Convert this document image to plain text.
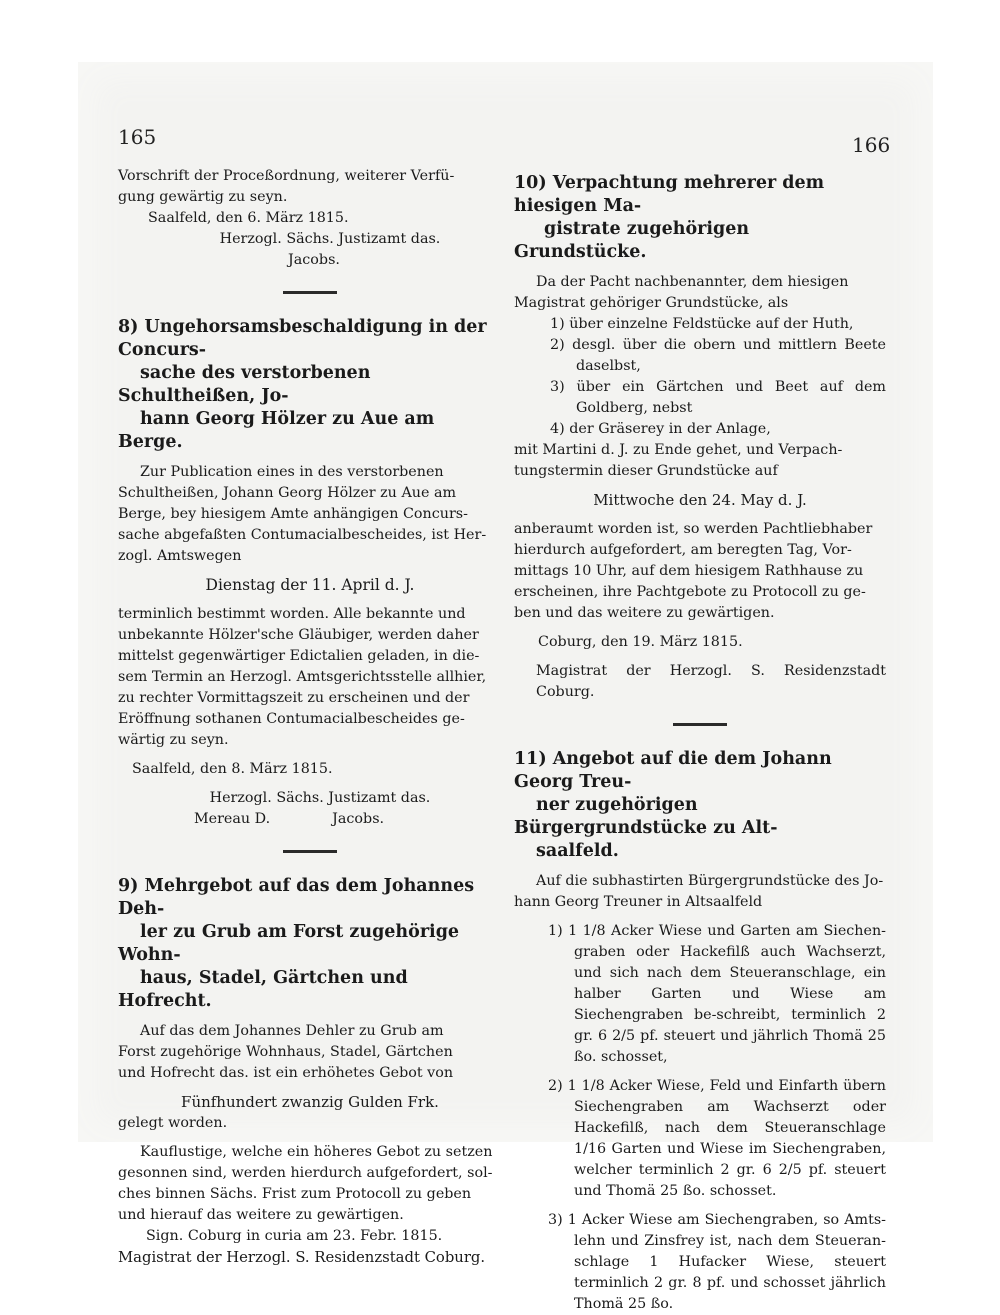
165	166

Vorschrift der Proceßordnung, weiterer Verfü-
gung gewärtig zu seyn.

Saalfeld, den 6. März 1815.

Herzogl. Sächs. Justizamt das.

Jacobs.

8) Ungehorsamsbeschaldigung in der Concurs-
sache des verstorbenen Schultheißen, Jo-
hann Georg Hölzer zu Aue am Berge.

Zur Publication eines in des verstorbenen
Schultheißen, Johann Georg Hölzer zu Aue am
Berge, bey hiesigem Amte anhängigen Concurs-
sache abgefaßten Contumacialbescheides, ist Her-
zogl. Amtswegen

Dienstag der 11. April d. J.

terminlich bestimmt worden. Alle bekannte und
unbekannte Hölzer'sche Gläubiger, werden daher
mittelst gegenwärtiger Edictalien geladen, in die-
sem Termin an Herzogl. Amtsgerichtsstelle allhier,
zu rechter Vormittagszeit zu erscheinen und der
Eröffnung sothanen Contumacialbescheides ge-
wärtig zu seyn.

Saalfeld, den 8. März 1815.

Herzogl. Sächs. Justizamt das.

Mereau D.	Jacobs.

9) Mehrgebot auf das dem Johannes Deh-
ler zu Grub am Forst zugehörige Wohn-
haus, Stadel, Gärtchen und Hofrecht.

Auf das dem Johannes Dehler zu Grub am
Forst zugehörige Wohnhaus, Stadel, Gärtchen
und Hofrecht das. ist ein erhöhetes Gebot von

Fünfhundert zwanzig Gulden Frk.

gelegt worden.

Kauflustige, welche ein höheres Gebot zu setzen
gesonnen sind, werden hierdurch aufgefordert, sol-
ches binnen Sächs. Frist zum Protocoll zu geben
und hierauf das weitere zu gewärtigen.

Sign. Coburg in curia am 23. Febr. 1815.

Magistrat der Herzogl. S. Residenzstadt Coburg.

10) Verpachtung mehrerer dem hiesigen Ma-
gistrate zugehörigen Grundstücke.

Da der Pacht nachbenannter, dem hiesigen
Magistrat gehöriger Grundstücke, als

1) über einzelne Feldstücke auf der Huth,

2) desgl. über die obern und mittlern Beete daselbst,

3) über ein Gärtchen und Beet auf dem Goldberg, nebst

4) der Gräserey in der Anlage,

mit Martini d. J. zu Ende gehet, und Verpach-
tungstermin dieser Grundstücke auf

Mittwoche den 24. May d. J.

anberaumt worden ist, so werden Pachtliebhaber
hierdurch aufgefordert, am beregten Tag, Vor-
mittags 10 Uhr, auf dem hiesigem Rathhause zu
erscheinen, ihre Pachtgebote zu Protocoll zu ge-
ben und das weitere zu gewärtigen.

Coburg, den 19. März 1815.

Magistrat der Herzogl. S. Residenzstadt Coburg.

11) Angebot auf die dem Johann Georg Treu-
ner zugehörigen Bürgergrundstücke zu Alt-
saalfeld.

Auf die subhastirten Bürgergrundstücke des Jo-
hann Georg Treuner in Altsaalfeld

1) 1 1/8 Acker Wiese und Garten am Siechen-graben oder Hackefilß auch Wachserzt, und sich nach dem Steueranschlage, ein halber Garten und Wiese am Siechengraben be-schreibt, terminlich 2 gr. 6 2/5 pf. steuert und jährlich Thomä 25 ßo. schosset,

2) 1 1/8 Acker Wiese, Feld und Einfarth übern Siechengraben am Wachserzt oder Hackefilß, nach dem Steueranschlage 1/16 Garten und Wiese im Siechengraben, welcher terminlich 2 gr. 6 2/5 pf. steuert und Thomä 25 ßo. schosset.

3) 1 Acker Wiese am Siechengraben, so Amts-lehn und Zinsfrey ist, nach dem Steueran-schlage 1 Hufacker Wiese, steuert terminlich 2 gr. 8 pf. und schosset jährlich Thomä 25 ßo.
